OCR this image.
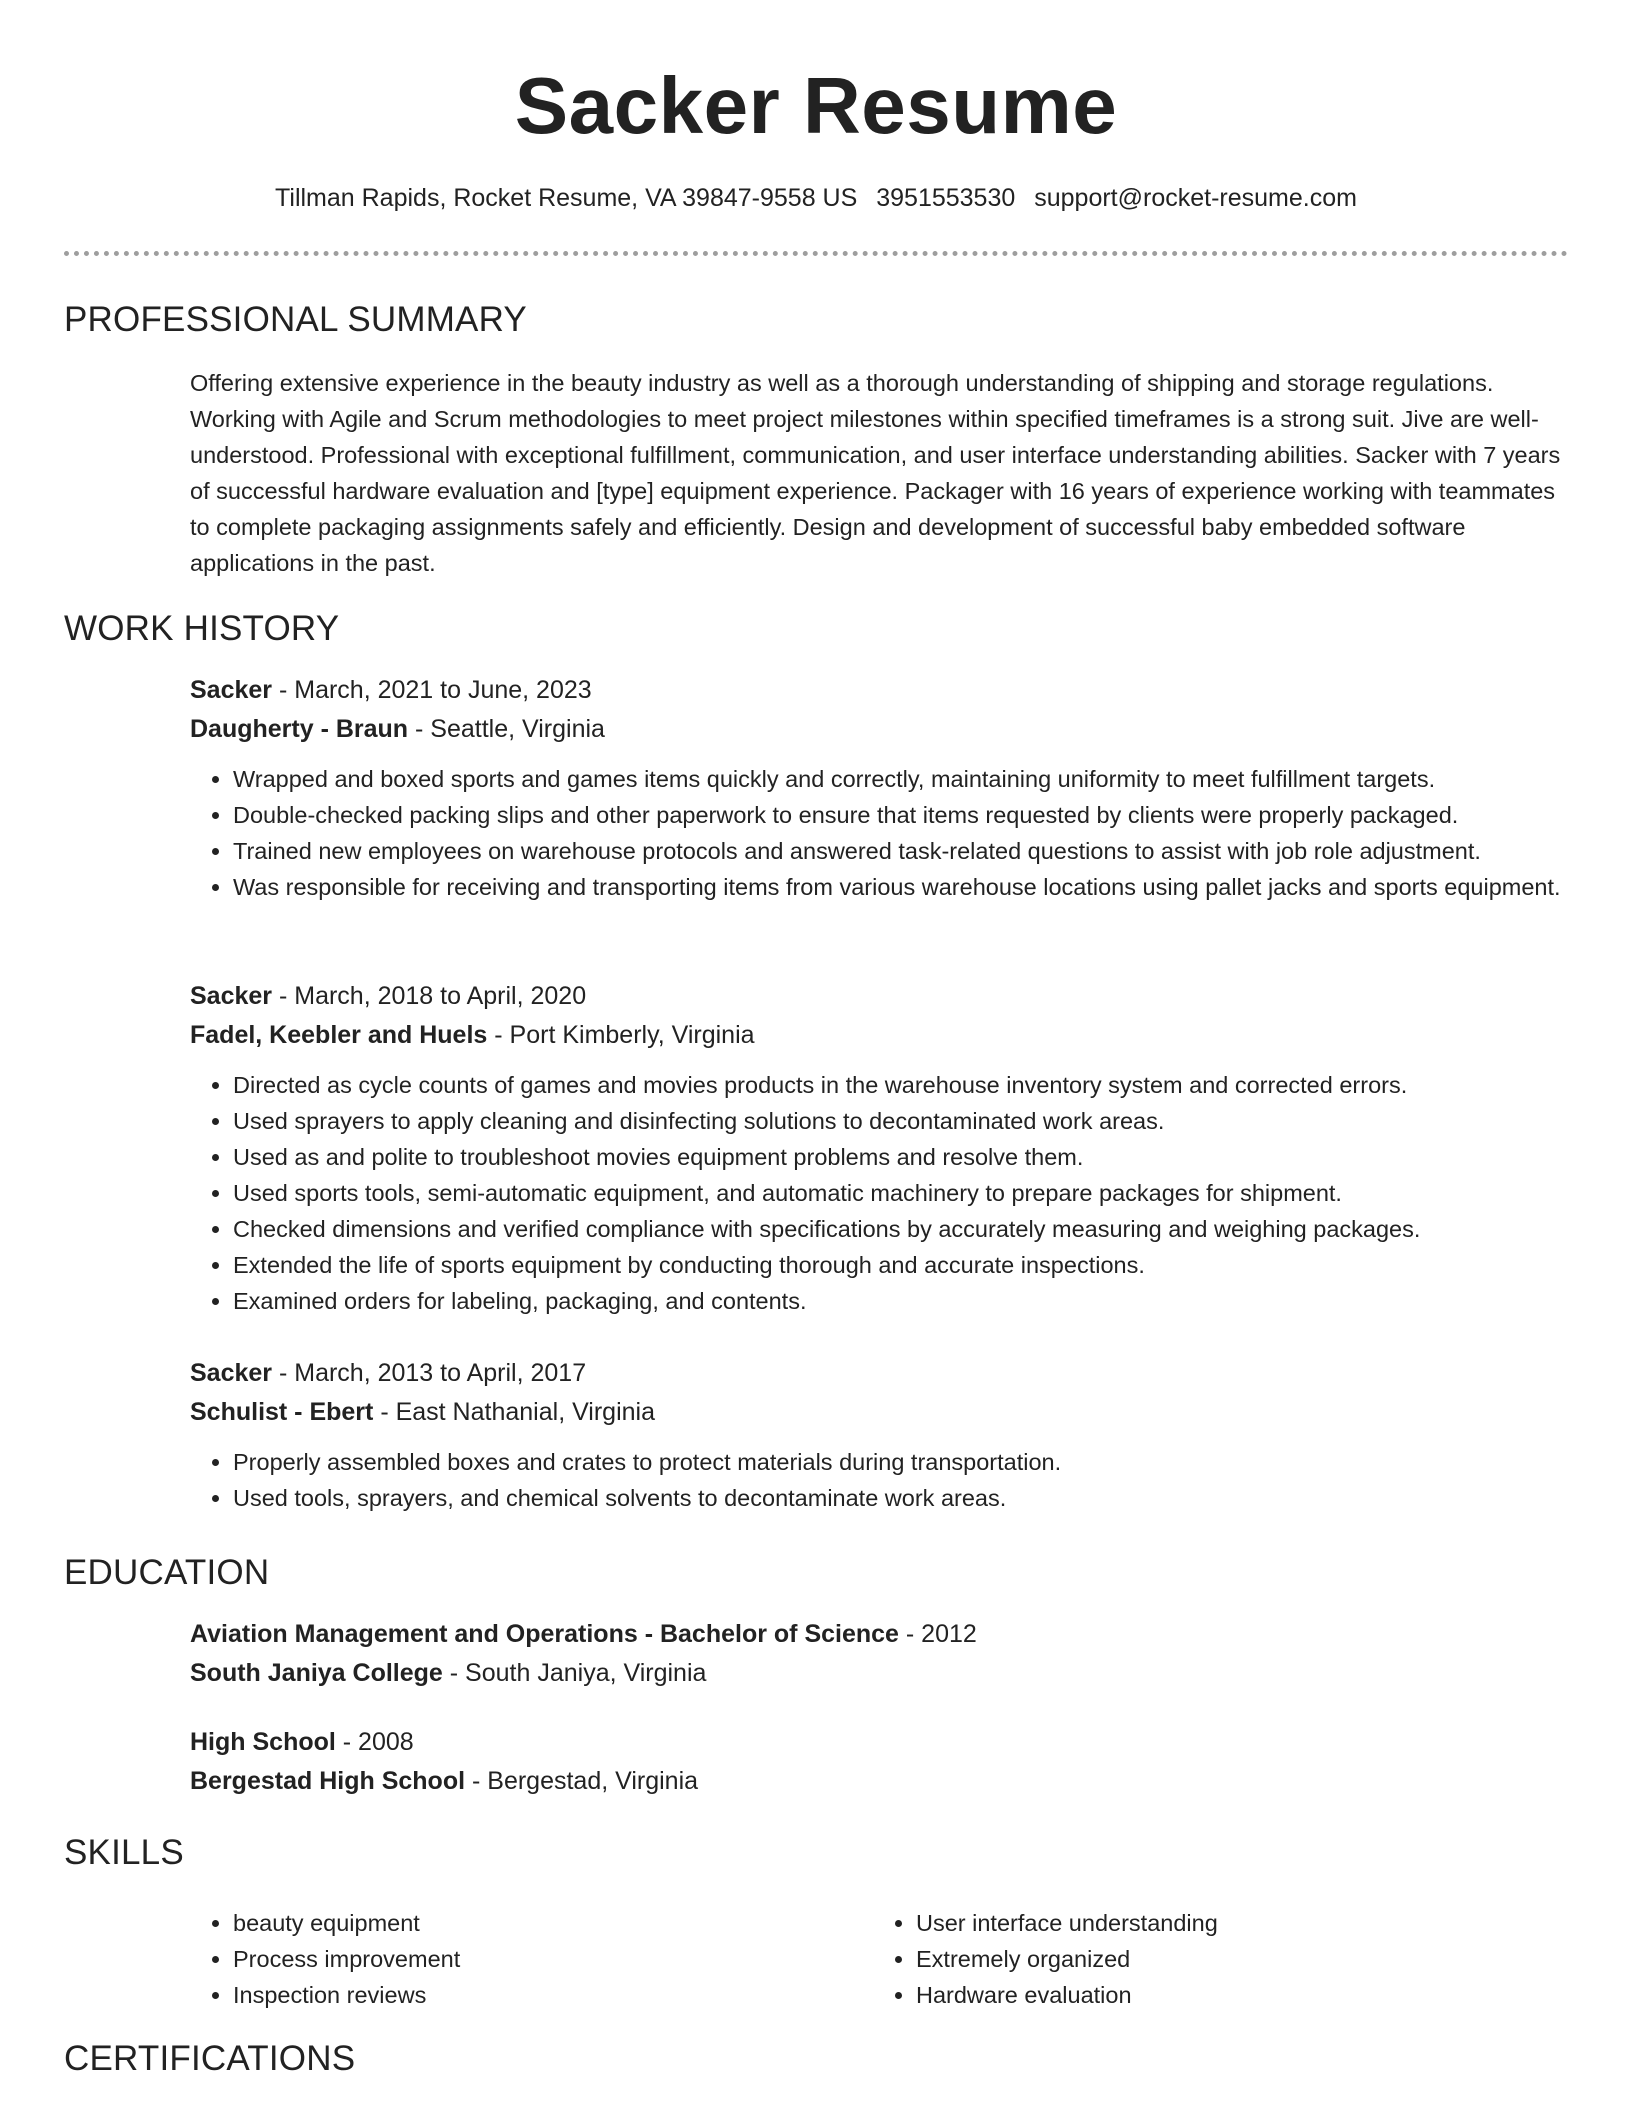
Sacker Resume
Tillman Rapids, Rocket Resume, VA 39847-9558 US 3951553530 support@rocket-resume.com
PROFESSIONAL SUMMARY
Offering extensive experience in the beauty industry as well as a thorough understanding of shipping and storage regulations. Working with Agile and Scrum methodologies to meet project milestones within specified timeframes is a strong suit. Jive are well-understood. Professional with exceptional fulfillment, communication, and user interface understanding abilities. Sacker with 7 years of successful hardware evaluation and [type] equipment experience. Packager with 16 years of experience working with teammates to complete packaging assignments safely and efficiently. Design and development of successful baby embedded software applications in the past.
WORK HISTORY
Sacker - March, 2021 to June, 2023
Daugherty - Braun - Seattle, Virginia
• Wrapped and boxed sports and games items quickly and correctly, maintaining uniformity to meet fulfillment targets.
• Double-checked packing slips and other paperwork to ensure that items requested by clients were properly packaged.
• Trained new employees on warehouse protocols and answered task-related questions to assist with job role adjustment.
• Was responsible for receiving and transporting items from various warehouse locations using pallet jacks and sports equipment.
Sacker - March, 2018 to April, 2020
Fadel, Keebler and Huels - Port Kimberly, Virginia
• Directed as cycle counts of games and movies products in the warehouse inventory system and corrected errors.
• Used sprayers to apply cleaning and disinfecting solutions to decontaminated work areas.
• Used as and polite to troubleshoot movies equipment problems and resolve them.
• Used sports tools, semi-automatic equipment, and automatic machinery to prepare packages for shipment.
• Checked dimensions and verified compliance with specifications by accurately measuring and weighing packages.
• Extended the life of sports equipment by conducting thorough and accurate inspections.
• Examined orders for labeling, packaging, and contents.
Sacker - March, 2013 to April, 2017
Schulist - Ebert - East Nathanial, Virginia
• Properly assembled boxes and crates to protect materials during transportation.
• Used tools, sprayers, and chemical solvents to decontaminate work areas.
EDUCATION
Aviation Management and Operations - Bachelor of Science - 2012
South Janiya College - South Janiya, Virginia
High School - 2008
Bergestad High School - Bergestad, Virginia
SKILLS
• beauty equipment
• Process improvement
• Inspection reviews
• User interface understanding
• Extremely organized
• Hardware evaluation
CERTIFICATIONS
